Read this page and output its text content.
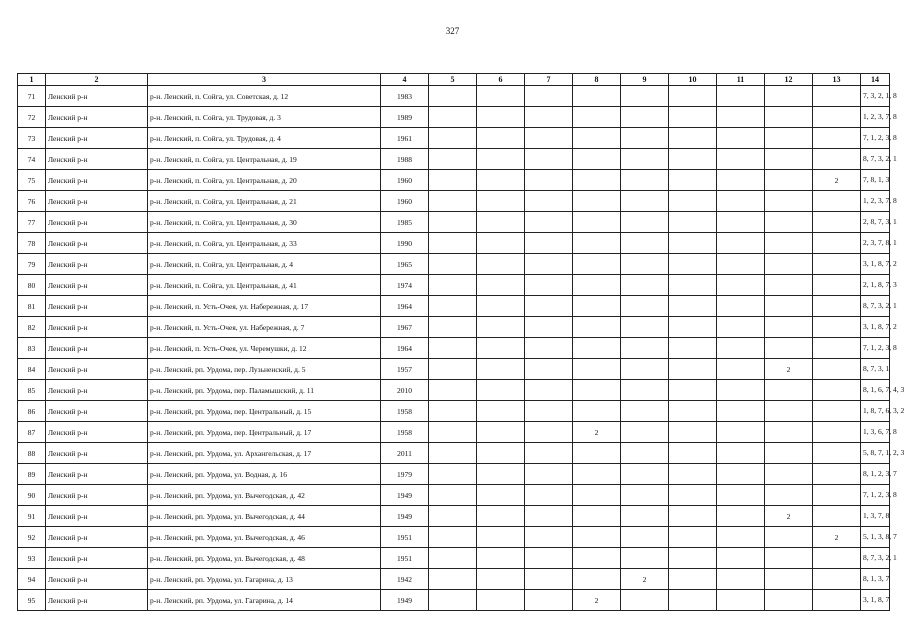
327
1	2	3	4	5	6	7	8	9	10	11	12	13	14
71	Ленский р-н	р-н. Ленский, п. Сойга, ул. Советская, д. 12	1983										7, 3, 2, 1, 8
72	Ленский р-н	р-н. Ленский, п. Сойга, ул. Трудовая, д. 3	1989										1, 2, 3, 7, 8
73	Ленский р-н	р-н. Ленский, п. Сойга, ул. Трудовая, д. 4	1961										7, 1, 2, 3, 8
74	Ленский р-н	р-н. Ленский, п. Сойга, ул. Центральная, д. 19	1988										8, 7, 3, 2, 1
75	Ленский р-н	р-н. Ленский, п. Сойга, ул. Центральная, д. 20	1960									2	7, 8, 1, 3
76	Ленский р-н	р-н. Ленский, п. Сойга, ул. Центральная, д. 21	1960										1, 2, 3, 7, 8
77	Ленский р-н	р-н. Ленский, п. Сойга, ул. Центральная, д. 30	1985										2, 8, 7, 3, 1
78	Ленский р-н	р-н. Ленский, п. Сойга, ул. Центральная, д. 33	1990										2, 3, 7, 8, 1
79	Ленский р-н	р-н. Ленский, п. Сойга, ул. Центральная, д. 4	1965										3, 1, 8, 7, 2
80	Ленский р-н	р-н. Ленский, п. Сойга, ул. Центральная, д. 41	1974										2, 1, 8, 7, 3
81	Ленский р-н	р-н. Ленский, п. Усть-Очея, ул. Набережная, д. 17	1964										8, 7, 3, 2, 1
82	Ленский р-н	р-н. Ленский, п. Усть-Очея, ул. Набережная, д. 7	1967										3, 1, 8, 7, 2
83	Ленский р-н	р-н. Ленский, п. Усть-Очея, ул. Черемушки, д. 12	1964										7, 1, 2, 3, 8
84	Ленский р-н	р-н. Ленский, рп. Урдома, пер. Лузьненский, д. 5	1957								2		8, 7, 3, 1
85	Ленский р-н	р-н. Ленский, рп. Урдома, пер. Паламышский, д. 11	2010										8, 1, 6, 7, 4, 3
86	Ленский р-н	р-н. Ленский, рп. Урдома, пер. Центральный, д. 15	1958										1, 8, 7, 6, 3, 2
87	Ленский р-н	р-н. Ленский, рп. Урдома, пер. Центральный, д. 17	1958				2						1, 3, 6, 7, 8
88	Ленский р-н	р-н. Ленский, рп. Урдома, ул. Архангельская, д. 17	2011										5, 8, 7, 1, 2, 3
89	Ленский р-н	р-н. Ленский, рп. Урдома, ул. Водная, д. 16	1979										8, 1, 2, 3, 7
90	Ленский р-н	р-н. Ленский, рп. Урдома, ул. Вычегодская, д. 42	1949										7, 1, 2, 3, 8
91	Ленский р-н	р-н. Ленский, рп. Урдома, ул. Вычегодская, д. 44	1949								2		1, 3, 7, 8
92	Ленский р-н	р-н. Ленский, рп. Урдома, ул. Вычегодская, д. 46	1951									2	5, 1, 3, 8, 7
93	Ленский р-н	р-н. Ленский, рп. Урдома, ул. Вычегодская, д. 48	1951										8, 7, 3, 2, 1
94	Ленский р-н	р-н. Ленский, рп. Урдома, ул. Гагарина, д. 13	1942					2					8, 1, 3, 7
95	Ленский р-н	р-н. Ленский, рп. Урдома, ул. Гагарина, д. 14	1949				2						3, 1, 8, 7
